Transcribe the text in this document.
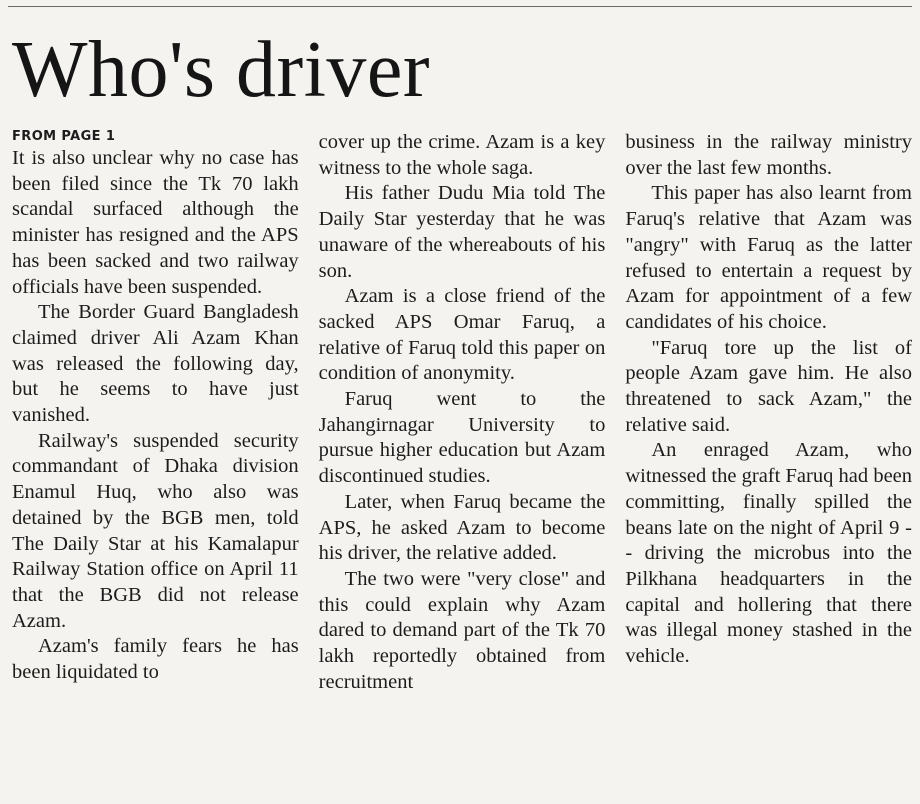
Who's driver
FROM PAGE 1

It is also unclear why no case has been filed since the Tk 70 lakh scandal surfaced although the minister has resigned and the APS has been sacked and two railway officials have been suspended.

The Border Guard Bangladesh claimed driver Ali Azam Khan was released the following day, but he seems to have just vanished.

Railway's suspended security commandant of Dhaka division Enamul Huq, who also was detained by the BGB men, told The Daily Star at his Kamalapur Railway Station office on April 11 that the BGB did not release Azam.

Azam's family fears he has been liquidated to

cover up the crime. Azam is a key witness to the whole saga.

His father Dudu Mia told The Daily Star yesterday that he was unaware of the whereabouts of his son.

Azam is a close friend of the sacked APS Omar Faruq, a relative of Faruq told this paper on condition of anonymity.

Faruq went to the Jahangirnagar University to pursue higher education but Azam discontinued studies.

Later, when Faruq became the APS, he asked Azam to become his driver, the relative added.

The two were "very close" and this could explain why Azam dared to demand part of the Tk 70 lakh reportedly obtained from recruitment

business in the railway ministry over the last few months.

This paper has also learnt from Faruq's relative that Azam was "angry" with Faruq as the latter refused to entertain a request by Azam for appointment of a few candidates of his choice.

"Faruq tore up the list of people Azam gave him. He also threatened to sack Azam," the relative said.

An enraged Azam, who witnessed the graft Faruq had been committing, finally spilled the beans late on the night of April 9 -- driving the microbus into the Pilkhana headquarters in the capital and hollering that there was illegal money stashed in the vehicle.
